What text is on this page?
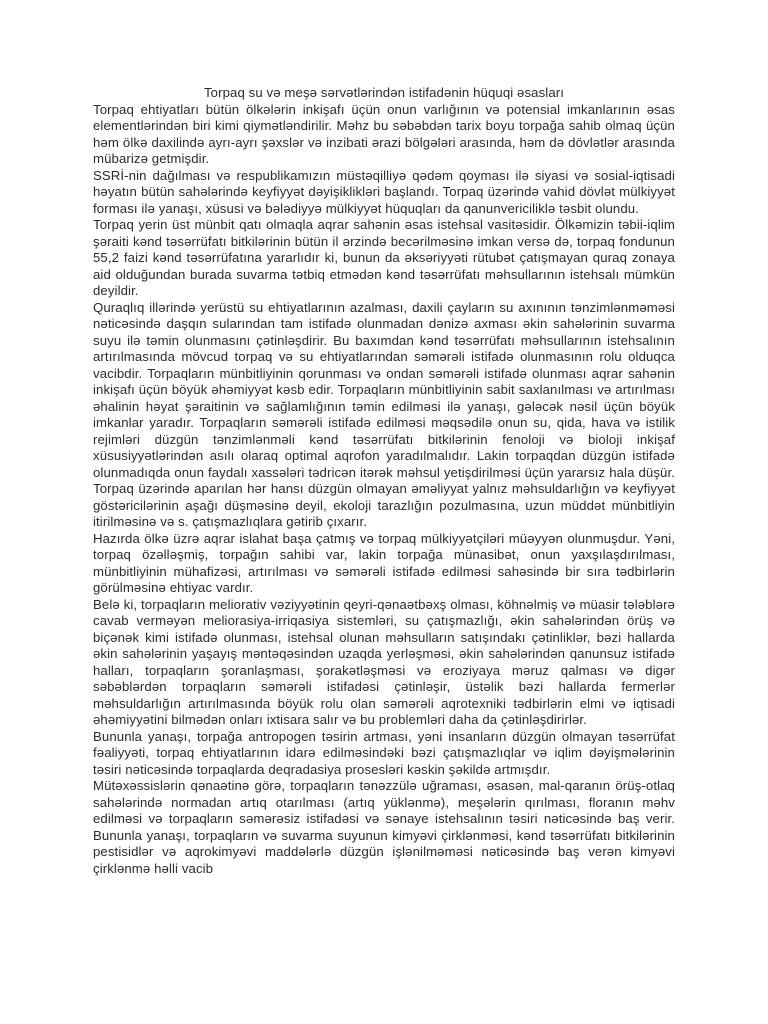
Torpaq su və meşə sərvətlərindən istifadənin hüquqi əsasları

Torpaq ehtiyatları bütün ölkələrin inkişafı üçün onun varlığının və potensial imkanlarının əsas elementlərindən biri kimi qiymətləndirilir. Məhz bu səbəbdən tarix boyu torpağa sahib olmaq üçün həm ölkə daxilində ayrı-ayrı şəxslər və inzibati ərazi bölgələri arasında, həm də dövlətlər arasında mübarizə getmişdir.

SSRİ-nin dağılması və respublikamızın müstəqilliyə qədəm qoyması ilə siyasi və sosial-iqtisadi həyatın bütün sahələrində keyfiyyət dəyişiklikləri başlandı. Torpaq üzərində vahid dövlət mülkiyyət forması ilə yanaşı, xüsusi və bələdiyyə mülkiyyət hüquqları da qanunvericiliklə təsbit olundu.

Torpaq yerin üst münbit qatı olmaqla aqrar sahənin əsas istehsal vasitəsidir. Ölkəmizin təbii-iqlim şəraiti kənd təsərrüfatı bitkilərinin bütün il ərzində becərilməsinə imkan versə də, torpaq fondunun 55,2 faizi kənd təsərrüfatına yararlıdır ki, bunun da əksəriyyəti rütubət çatışmayan quraq zonaya aid olduğundan burada suvarma tətbiq etmədən kənd təsərrüfatı məhsullarının istehsalı mümkün deyildir.

Quraqlıq illərində yerüstü su ehtiyatlarının azalması, daxili çayların su axınının tənzimlənməməsi nəticəsində daşqın sularından tam istifadə olunmadan dənizə axması əkin sahələrinin suvarma suyu ilə təmin olunmasını çətinləşdirir. Bu baxımdan kənd təsərrüfatı məhsullarının istehsalının artırılmasında mövcud torpaq və su ehtiyatlarından səmərəli istifadə olunmasının rolu olduqca vacibdir. Torpaqların münbitliyinin qorunması və ondan səmərəli istifadə olunması aqrar sahənin inkişafı üçün böyük əhəmiyyət kəsb edir. Torpaqların münbitliyinin sabit saxlanılması və artırılması əhalinin həyat şəraitinin və sağlamlığının təmin edilməsi ilə yanaşı, gələcək nəsil üçün böyük imkanlar yaradır. Torpaqların səmərəli istifadə edilməsi məqsədilə onun su, qida, hava və istilik rejimləri düzgün tənzimlənməli kənd təsərrüfatı bitkilərinin fenoloji və bioloji inkişaf xüsusiyyətlərindən asılı olaraq optimal aqrofon yaradılmalıdır. Lakin torpaqdan düzgün istifadə olunmadıqda onun faydalı xassələri tədricən itərək məhsul yetişdirilməsi üçün yararsız hala düşür. Torpaq üzərində aparılan hər hansı düzgün olmayan əməliyyat yalnız məhsuldarlığın və keyfiyyət göstəricilərinin aşağı düşməsinə deyil, ekoloji tarazlığın pozulmasına, uzun müddət münbitliyin itirilməsinə və s. çatışmazlıqlara gətirib çıxarır.

Hazırda ölkə üzrə aqrar islahat başa çatmış və torpaq mülkiyyətçiləri müəyyən olunmuşdur. Yəni, torpaq özəlləşmiş, torpağın sahibi var, lakin torpağa münasibət, onun yaxşılaşdırılması, münbitliyinin mühafizəsi, artırılması və səmərəli istifadə edilməsi sahəsində bir sıra tədbirlərin görülməsinə ehtiyac vardır.

Belə ki, torpaqların meliorativ vəziyyətinin qeyri-qənaətbəxş olması, köhnəlmiş və müasir tələblərə cavab verməyən meliorasiya-irriqasiya sistemləri, su çatışmazlığı, əkin sahələrindən örüş və biçənək kimi istifadə olunması, istehsal olunan məhsulların satışındakı çətinliklər, bəzi hallarda əkin sahələrinin yaşayış məntəqəsindən uzaqda yerləşməsi, əkin sahələrindən qanunsuz istifadə halları, torpaqların şoranlaşması, şorakətləşməsi və eroziyaya məruz qalması və digər səbəblərdən torpaqların səmərəli istifadəsi çətinləşir, üstəlik bəzi hallarda fermerlər məhsuldarlığın artırılmasında böyük rolu olan səmərəli aqrotexniki tədbirlərin elmi və iqtisadi əhəmiyyətini bilmədən onları ixtisara salır və bu problemləri daha da çətinləşdirirlər.

Bununla yanaşı, torpağa antropogen təsirin artması, yəni insanların düzgün olmayan təsərrüfat fəaliyyəti, torpaq ehtiyatlarının idarə edilməsindəki bəzi çatışmazlıqlar və iqlim dəyişmələrinin təsiri nəticəsində torpaqlarda deqradasiya prosesləri kəskin şəkildə artmışdır.

Mütəxəssislərin qənaətinə görə, torpaqların tənəzzülə uğraması, əsasən, mal-qaranın örüş-otlaq sahələrində normadan artıq otarılması (artıq yüklənmə), meşələrin qırılması, floranın məhv edilməsi və torpaqların səmərəsiz istifadəsi və sənaye istehsalının təsiri nəticəsində baş verir. Bununla yanaşı, torpaqların və suvarma suyunun kimyəvi çirklənməsi, kənd təsərrüfatı bitkilərinin pestisidlər və aqrokimyəvi maddələrlə düzgün işlənilməməsi nəticəsində baş verən kimyəvi çirklənmə həlli vacib
